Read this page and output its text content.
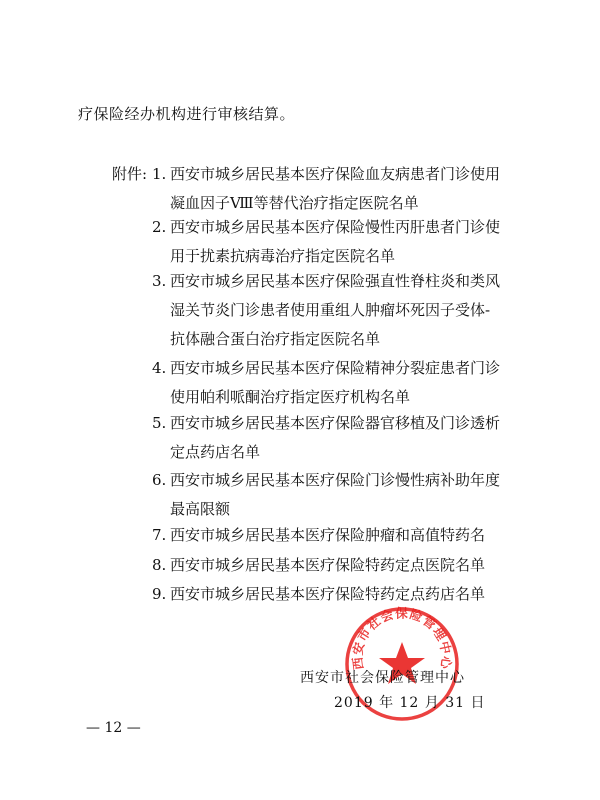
疗保险经办机构进行审核结算。
附件: 1. 西安市城乡居民基本医疗保险血友病患者门诊使用
凝血因子Ⅷ等替代治疗指定医院名单
2. 西安市城乡居民基本医疗保险慢性丙肝患者门诊使
用于扰素抗病毒治疗指定医院名单
3. 西安市城乡居民基本医疗保险强直性脊柱炎和类风
湿关节炎门诊患者使用重组人肿瘤坏死因子受体-
抗体融合蛋白治疗指定医院名单
4. 西安市城乡居民基本医疗保险精神分裂症患者门诊
使用帕利哌酮治疗指定医疗机构名单
5. 西安市城乡居民基本医疗保险器官移植及门诊透析
定点药店名单
6. 西安市城乡居民基本医疗保险门诊慢性病补助年度
最高限额
7. 西安市城乡居民基本医疗保险肿瘤和高值特药名
8. 西安市城乡居民基本医疗保险特药定点医院名单
9. 西安市城乡居民基本医疗保险特药定点药店名单
西安市社会保险管理中心
西安市社会保险管理中心
2019 年 12 月 31 日
— 12 —
